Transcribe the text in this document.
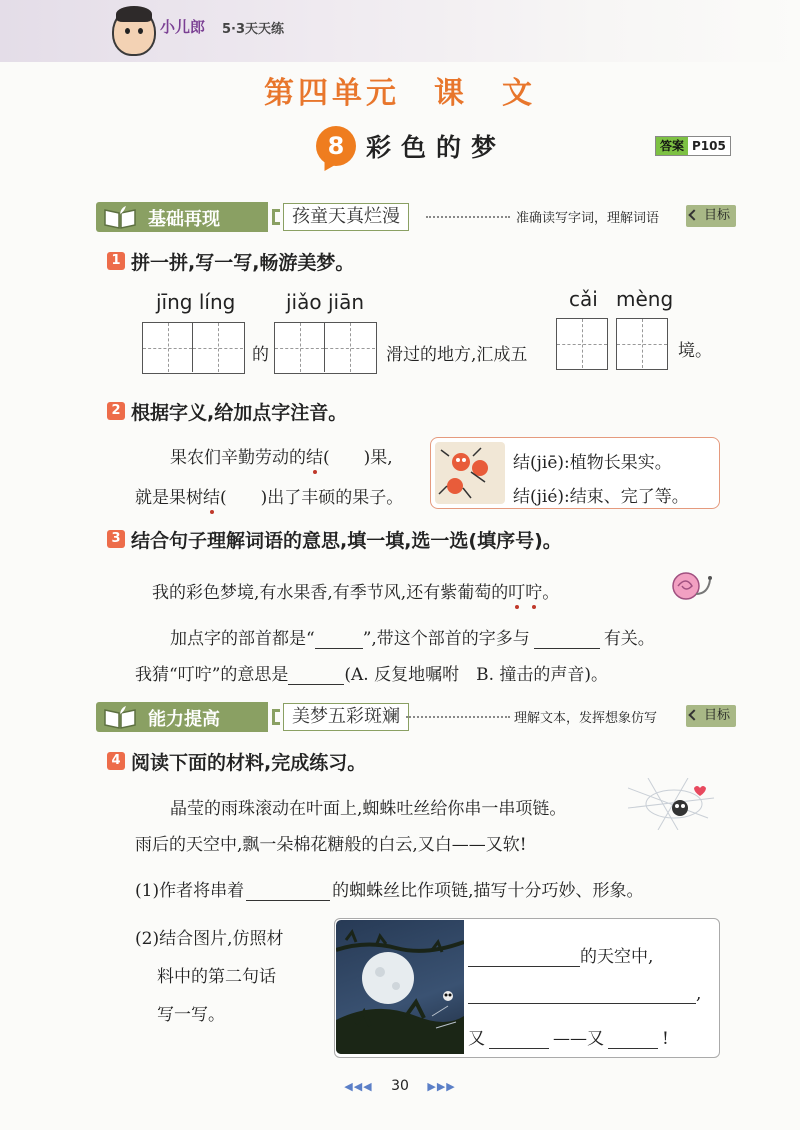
小儿郎 5·3天天练
第四单元　课　文
8 彩色的梦	答案 P105
基础再现	孩童天真烂漫	准确读写字词，理解词语	目标
1 拼一拼,写一写,畅游美梦。
jīng líng	jiǎo jiān	cǎi mèng
的	滑过的地方,汇成五	境。
2 根据字义,给加点字注音。
果农们辛勤劳动的结(　　)果,
就是果树结(　　)出了丰硕的果子。
结(jiē):植物长果实。
结(jié):结束、完了等。
3 结合句子理解词语的意思,填一填,选一选(填序号)。
我的彩色梦境,有水果香,有季节风,还有紫葡萄的叮咛。
加点字的部首都是“	”,带这个部首的字多与	有关。
我猜“叮咛”的意思是	(A. 反复地嘱咐　B. 撞击的声音)。
能力提高	美梦五彩斑斓	理解文本，发挥想象仿写	目标
4 阅读下面的材料,完成练习。
晶莹的雨珠滚动在叶面上,蜘蛛吐丝给你串一串项链。
雨后的天空中,飘一朵棉花糖般的白云,又白——又软!
(1)作者将串着	的蜘蛛丝比作项链,描写十分巧妙、形象。
(2)结合图片,仿照材
料中的第二句话
写一写。
的天空中,
,
又	——又	!
◀◀◀ 30 ▶▶▶
